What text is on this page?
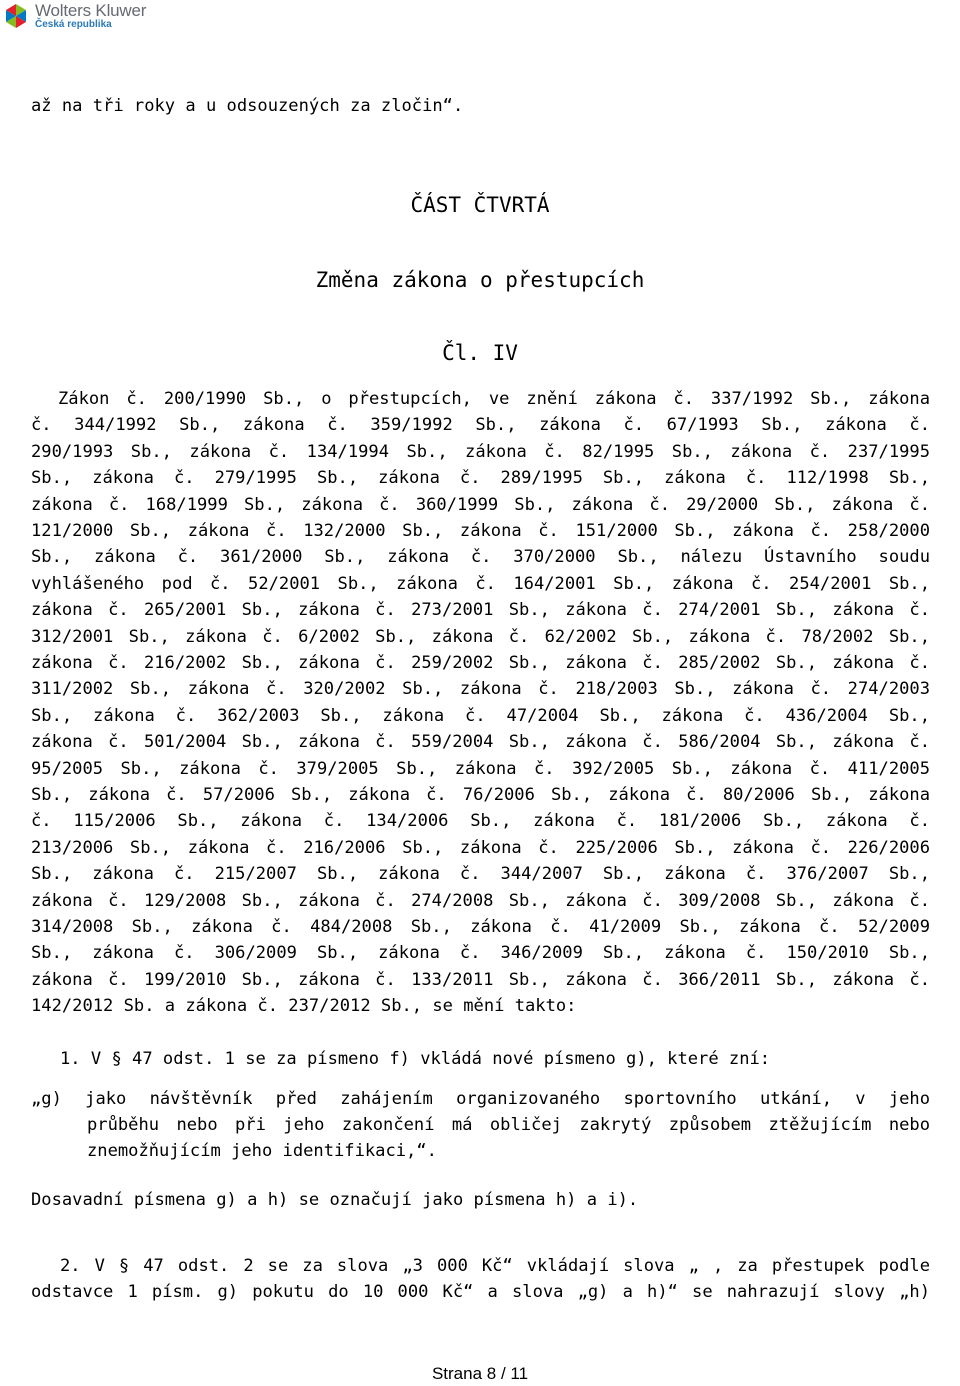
Wolters Kluwer
Česká republika
až na tři roky a u odsouzených za zločin“.
ČÁST ČTVRTÁ
Změna zákona o přestupcích
Čl. IV
Zákon č. 200/1990 Sb., o přestupcích, ve znění zákona č. 337/1992 Sb., zákona
č. 344/1992 Sb., zákona č. 359/1992 Sb., zákona č. 67/1993 Sb., zákona č.
290/1993 Sb., zákona č. 134/1994 Sb., zákona č. 82/1995 Sb., zákona č. 237/1995
Sb., zákona č. 279/1995 Sb., zákona č. 289/1995 Sb., zákona č. 112/1998 Sb.,
zákona č. 168/1999 Sb., zákona č. 360/1999 Sb., zákona č. 29/2000 Sb., zákona č.
121/2000 Sb., zákona č. 132/2000 Sb., zákona č. 151/2000 Sb., zákona č. 258/2000
Sb., zákona č. 361/2000 Sb., zákona č. 370/2000 Sb., nálezu Ústavního soudu
vyhlášeného pod č. 52/2001 Sb., zákona č. 164/2001 Sb., zákona č. 254/2001 Sb.,
zákona č. 265/2001 Sb., zákona č. 273/2001 Sb., zákona č. 274/2001 Sb., zákona č.
312/2001 Sb., zákona č. 6/2002 Sb., zákona č. 62/2002 Sb., zákona č. 78/2002 Sb.,
zákona č. 216/2002 Sb., zákona č. 259/2002 Sb., zákona č. 285/2002 Sb., zákona č.
311/2002 Sb., zákona č. 320/2002 Sb., zákona č. 218/2003 Sb., zákona č. 274/2003
Sb., zákona č. 362/2003 Sb., zákona č. 47/2004 Sb., zákona č. 436/2004 Sb.,
zákona č. 501/2004 Sb., zákona č. 559/2004 Sb., zákona č. 586/2004 Sb., zákona č.
95/2005 Sb., zákona č. 379/2005 Sb., zákona č. 392/2005 Sb., zákona č. 411/2005
Sb., zákona č. 57/2006 Sb., zákona č. 76/2006 Sb., zákona č. 80/2006 Sb., zákona
č. 115/2006 Sb., zákona č. 134/2006 Sb., zákona č. 181/2006 Sb., zákona č.
213/2006 Sb., zákona č. 216/2006 Sb., zákona č. 225/2006 Sb., zákona č. 226/2006
Sb., zákona č. 215/2007 Sb., zákona č. 344/2007 Sb., zákona č. 376/2007 Sb.,
zákona č. 129/2008 Sb., zákona č. 274/2008 Sb., zákona č. 309/2008 Sb., zákona č.
314/2008 Sb., zákona č. 484/2008 Sb., zákona č. 41/2009 Sb., zákona č. 52/2009
Sb., zákona č. 306/2009 Sb., zákona č. 346/2009 Sb., zákona č. 150/2010 Sb.,
zákona č. 199/2010 Sb., zákona č. 133/2011 Sb., zákona č. 366/2011 Sb., zákona č.
142/2012 Sb. a zákona č. 237/2012 Sb., se mění takto:
1. V § 47 odst. 1 se za písmeno f) vkládá nové písmeno g), které zní:
„g) jako návštěvník před zahájením organizovaného sportovního utkání, v jeho
průběhu nebo při jeho zakončení má obličej zakrytý způsobem ztěžujícím nebo
znemožňujícím jeho identifikaci,“.
Dosavadní písmena g) a h) se označují jako písmena h) a i).
2. V § 47 odst. 2 se za slova „3 000 Kč“ vkládají slova „ , za přestupek podle
odstavce 1 písm. g) pokutu do 10 000 Kč“ a slova „g) a h)“ se nahrazují slovy „h)
Strana 8 / 11
